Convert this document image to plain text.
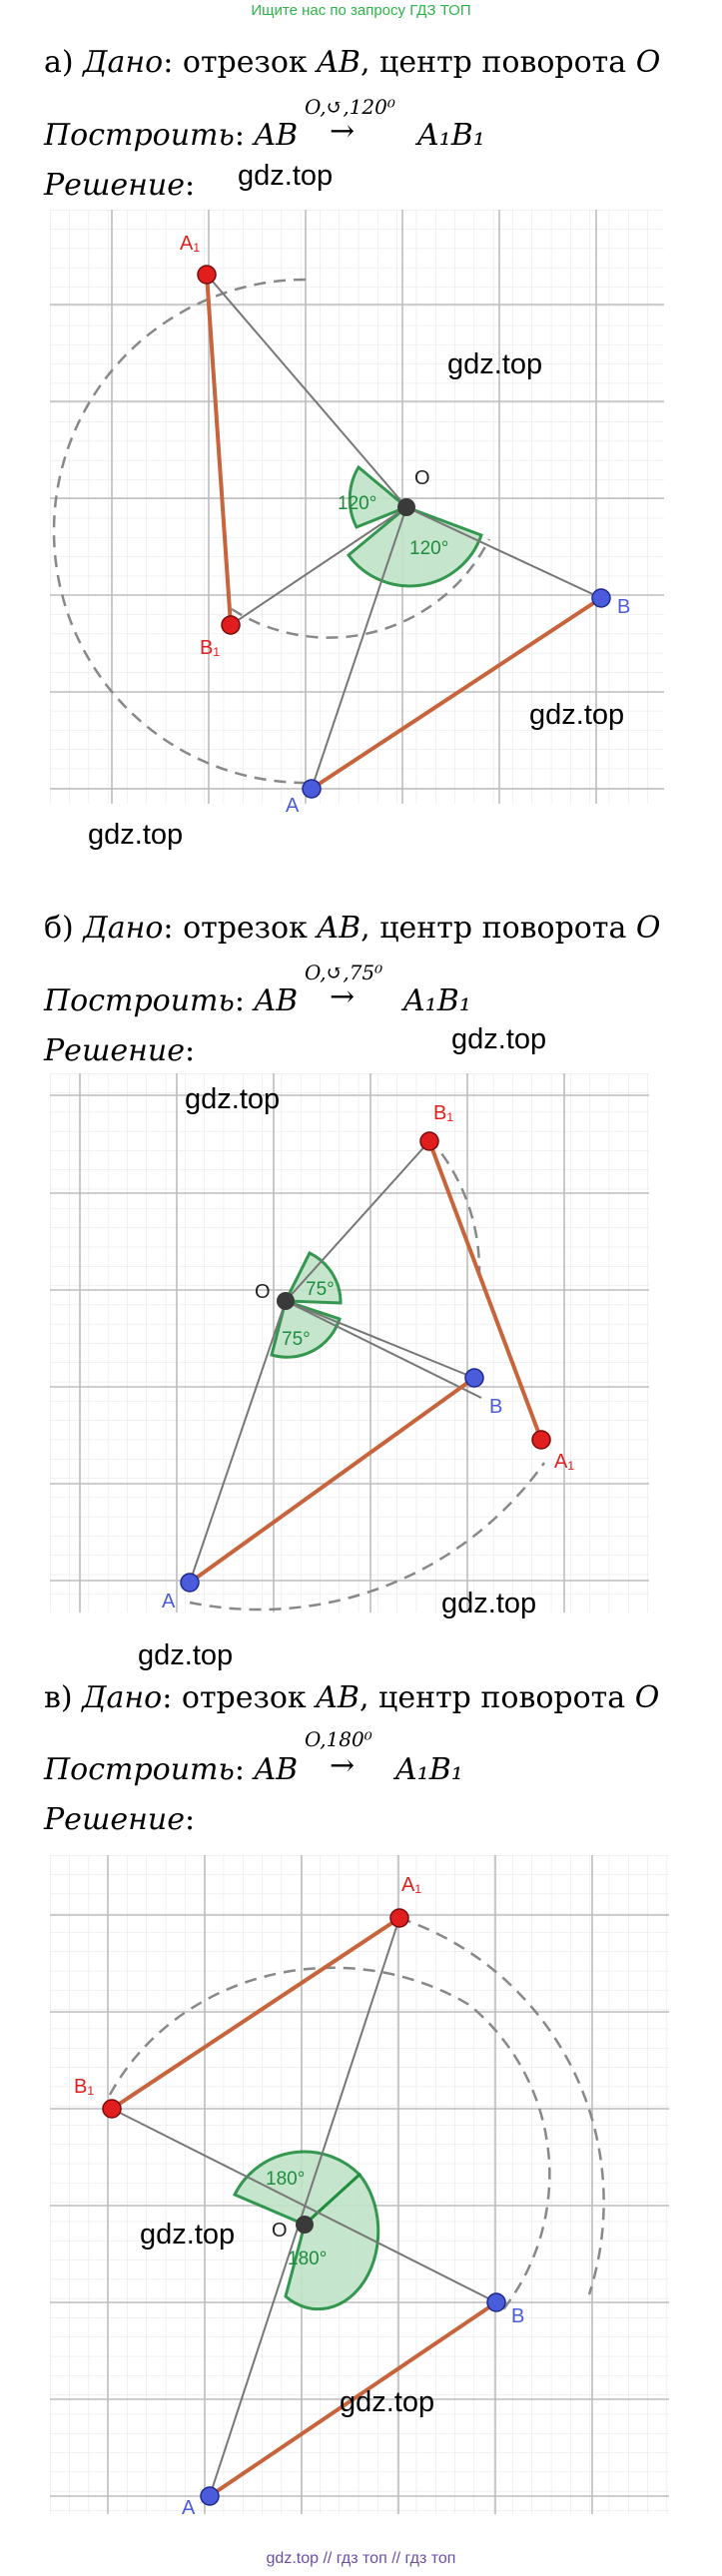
Ищите нас по запросу ГДЗ ТОП
а) Дано: отрезок AB, центр поворота O
O,↺,120⁰
Построить: AB → A₁B₁
Решение: gdz.top
A₁
B₁
A
B
O
120°
120°
gdz.top
gdz.top
gdz.top
б) Дано: отрезок AB, центр поворота O
O,↺,75⁰
Построить: AB → A₁B₁
Решение:	gdz.top
B₁
A₁
A
B
O 75°
75°
gdz.top
gdz.top
gdz.top
в) Дано: отрезок AB, центр поворота O
O,180⁰
Построить: AB → A₁B₁
Решение:
A₁
B₁
A
B
O
180°
180°
gdz.top
gdz.top
gdz.top // гдз топ // гдз топ
